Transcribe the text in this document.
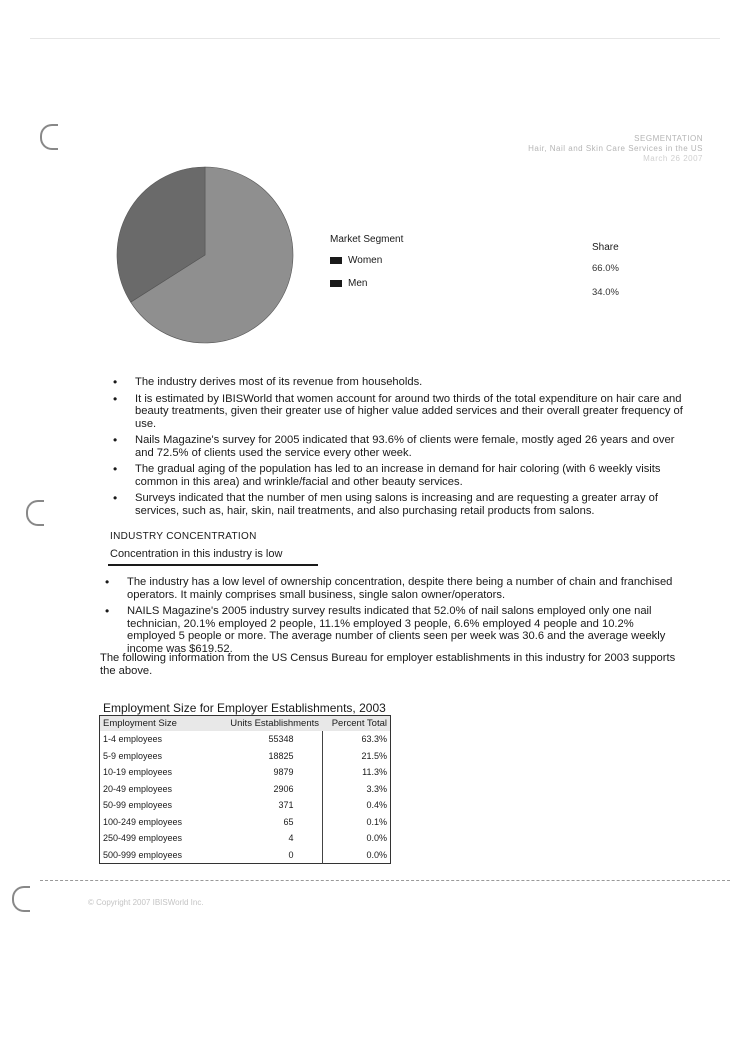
SEGMENTATION
Hair, Nail and Skin Care Services in the US
March 26 2007
Market Segment
Women
Men
Share
66.0%
34.0%
• The industry derives most of its revenue from households.
• It is estimated by IBISWorld that women account for around two thirds of the total expenditure on hair care and beauty treatments, given their greater use of higher value added services and their overall greater frequency of use.
• Nails Magazine's survey for 2005 indicated that 93.6% of clients were female, mostly aged 26 years and over and 72.5% of clients used the service every other week.
• The gradual aging of the population has led to an increase in demand for hair coloring (with 6 weekly visits common in this area) and wrinkle/facial and other beauty services.
• Surveys indicated that the number of men using salons is increasing and are requesting a greater array of services, such as, hair, skin, nail treatments, and also purchasing retail products from salons.
INDUSTRY CONCENTRATION
Concentration in this industry is low
• The industry has a low level of ownership concentration, despite there being a number of chain and franchised operators. It mainly comprises small business, single salon owner/operators.
• NAILS Magazine's 2005 industry survey results indicated that 52.0% of nail salons employed only one nail technician, 20.1% employed 2 people, 11.1% employed 3 people, 6.6% employed 4 people and 10.2% employed 5 people or more. The average number of clients seen per week was 30.6 and the average weekly income was $619.52.
The following information from the US Census Bureau for employer establishments in this industry for 2003 supports the above.
Employment Size for Employer Establishments, 2003
Employment Size	Units Establishments	Percent Total
1-4 employees	55348	63.3%
5-9 employees	18825	21.5%
10-19 employees	9879	11.3%
20-49 employees	2906	3.3%
50-99 employees	371	0.4%
100-249 employees	65	0.1%
250-499 employees	4	0.0%
500-999 employees	0	0.0%
© Copyright 2007 IBISWorld Inc.
